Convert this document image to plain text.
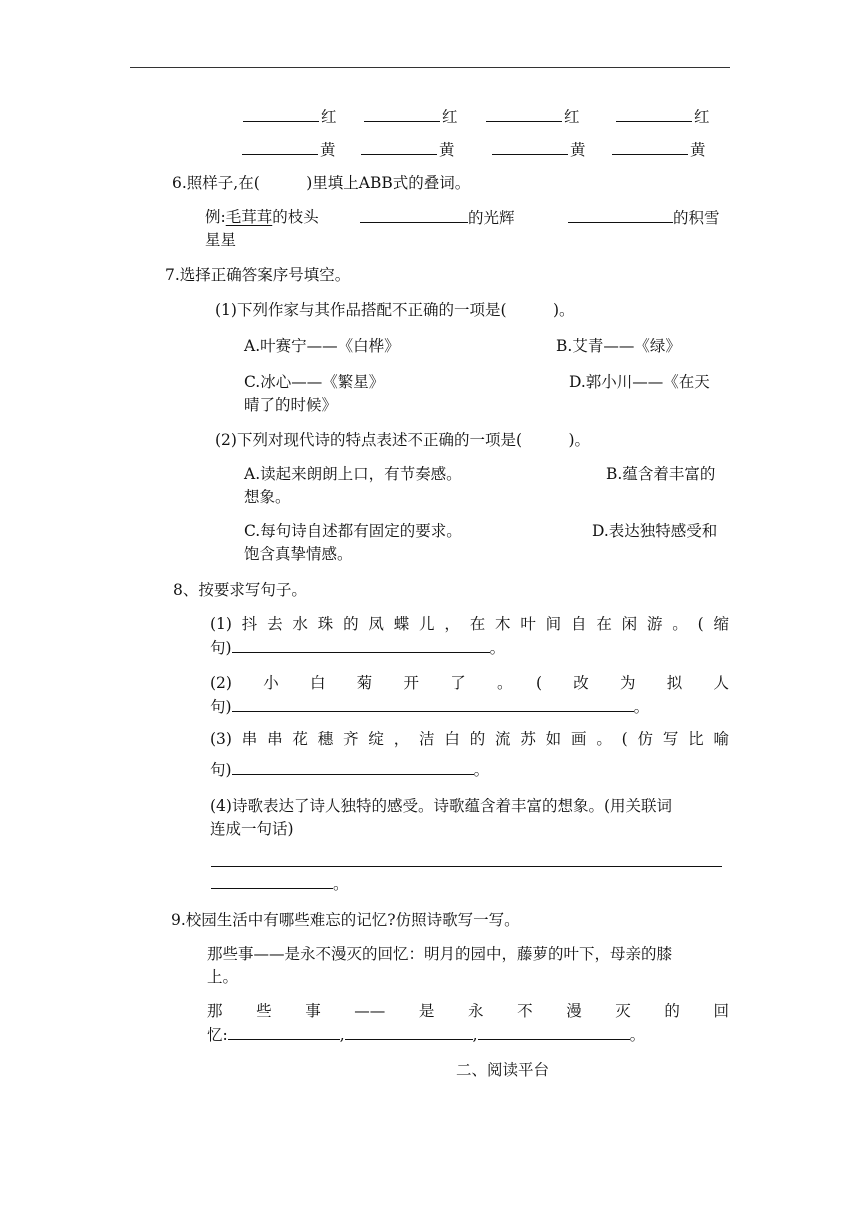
红	红	红	红
黄	黄	黄	黄
6.照样子,在(　　　)里填上ABB式的叠词。
例:毛茸茸的枝头	的光辉	的积雪
星星
7.选择正确答案序号填空。
(1)下列作家与其作品搭配不正确的一项是(　　　)。
A.叶赛宁——《白桦》	B.艾青——《绿》
C.冰心——《繁星》	D.郭小川——《在天
晴了的时候》
(2)下列对现代诗的特点表述不正确的一项是(　　　)。
A.读起来朗朗上口，有节奏感。	B.蕴含着丰富的
想象。
C.每句诗自述都有固定的要求。	D.表达独特感受和
饱含真挚情感。
8、按要求写句子。
(1)抖去水珠的凤蝶儿，在木叶间自在闲游。(缩
句)	。
(2)　小　白　菊　开　了　。　(　改　为　拟　人
句)	。
(3)串串花穗齐绽，洁白的流苏如画。(仿写比喻
句)	。
(4)诗歌表达了诗人独特的感受。诗歌蕴含着丰富的想象。(用关联词
连成一句话)
。
9.校园生活中有哪些难忘的记忆?仿照诗歌写一写。
那些事——是永不漫灭的回忆：明月的园中，藤萝的叶下，母亲的膝
上。
那　些　事　——　是　永　不　漫　灭　的　回
忆:	,	,	。
二、阅读平台
